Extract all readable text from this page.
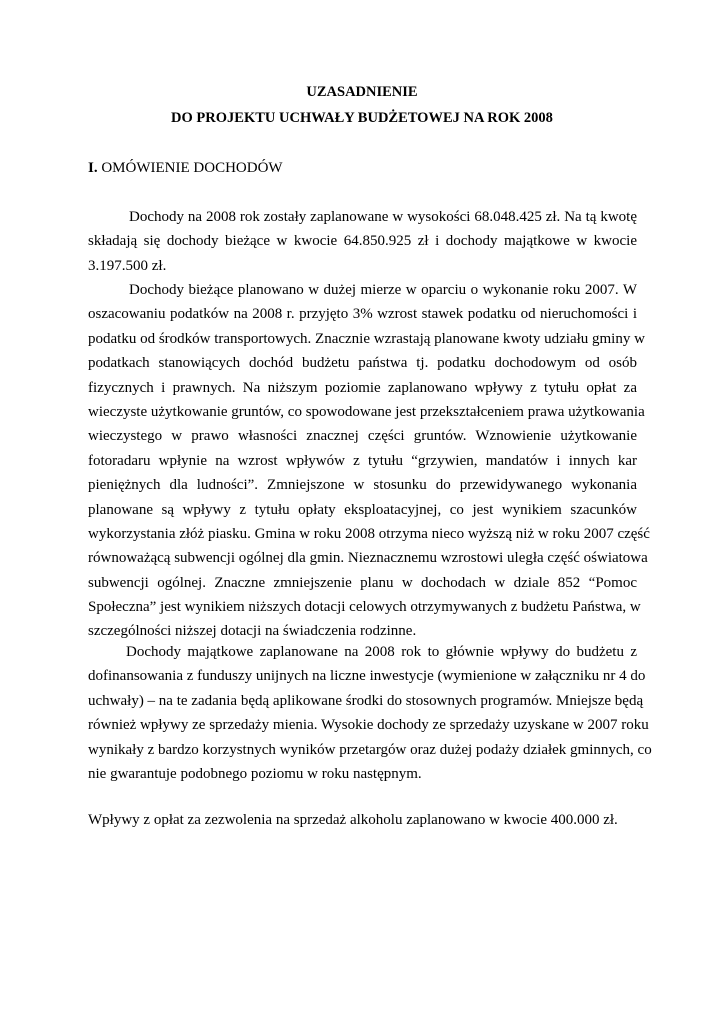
UZASADNIENIE

DO PROJEKTU UCHWAŁY BUDŻETOWEJ NA ROK 2008

I. OMÓWIENIE DOCHODÓW

Dochody na 2008 rok zostały zaplanowane w wysokości 68.048.425 zł. Na tą kwotę
składają się dochody bieżące w kwocie 64.850.925 zł i dochody majątkowe w kwocie
3.197.500 zł.
Dochody bieżące planowano w dużej mierze w oparciu o wykonanie roku 2007. W
oszacowaniu podatków na 2008 r. przyjęto 3% wzrost stawek podatku od nieruchomości i
podatku od środków transportowych. Znacznie wzrastają planowane kwoty udziału gminy w
podatkach stanowiących dochód budżetu państwa tj. podatku dochodowym od osób
fizycznych i prawnych. Na niższym poziomie zaplanowano wpływy z tytułu opłat za
wieczyste użytkowanie gruntów, co spowodowane jest przekształceniem prawa użytkowania
wieczystego w prawo własności znacznej części gruntów. Wznowienie użytkowanie
fotoradaru wpłynie na wzrost wpływów z tytułu “grzywien, mandatów i innych kar
pieniężnych dla ludności”. Zmniejszone w stosunku do przewidywanego wykonania
planowane są wpływy z tytułu opłaty eksploatacyjnej, co jest wynikiem szacunków
wykorzystania złóż piasku. Gmina w roku 2008 otrzyma nieco wyższą niż w roku 2007 część
równoważącą subwencji ogólnej dla gmin. Nieznacznemu wzrostowi uległa część oświatowa
subwencji ogólnej. Znaczne zmniejszenie planu w dochodach w dziale 852 “Pomoc
Społeczna” jest wynikiem niższych dotacji celowych otrzymywanych z budżetu Państwa, w
szczególności niższej dotacji na świadczenia rodzinne.
Dochody majątkowe zaplanowane na 2008 rok to głównie wpływy do budżetu z
dofinansowania z funduszy unijnych na liczne inwestycje (wymienione w załączniku nr 4 do
uchwały) – na te zadania będą aplikowane środki do stosownych programów. Mniejsze będą
również wpływy ze sprzedaży mienia. Wysokie dochody ze sprzedaży uzyskane w 2007 roku
wynikały z bardzo korzystnych wyników przetargów oraz dużej podaży działek gminnych, co
nie gwarantuje podobnego poziomu w roku następnym.
Wpływy z opłat za zezwolenia na sprzedaż alkoholu zaplanowano w kwocie 400.000 zł.
